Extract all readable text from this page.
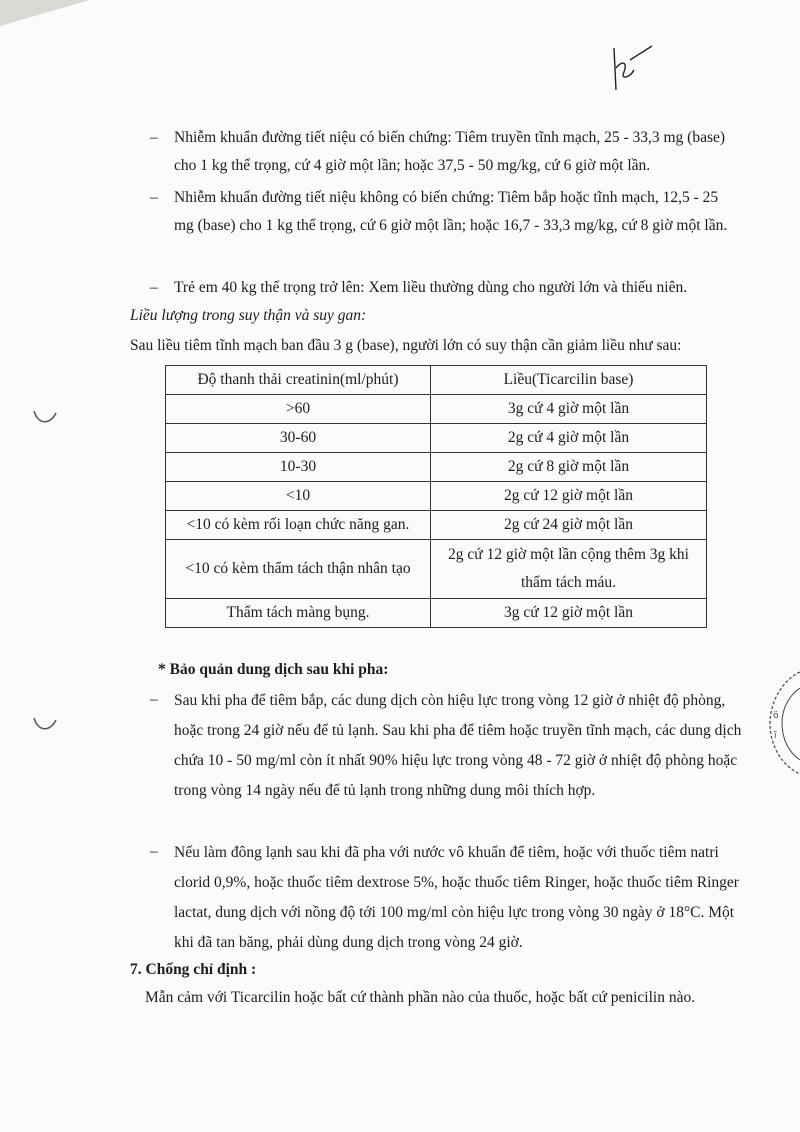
ö
ĩ
– Nhiễm khuẩn đường tiết niệu có biến chứng: Tiêm truyền tĩnh mạch, 25 - 33,3 mg (base) cho 1 kg thể trọng, cứ 4 giờ một lần; hoặc 37,5 - 50 mg/kg, cứ 6 giờ một lần.
– Nhiễm khuẩn đường tiết niệu không có biến chứng: Tiêm bắp hoặc tĩnh mạch, 12,5 - 25 mg (base) cho 1 kg thể trọng, cứ 6 giờ một lần; hoặc 16,7 - 33,3 mg/kg, cứ 8 giờ một lần.
– Trẻ em 40 kg thể trọng trở lên: Xem liều thường dùng cho người lớn và thiếu niên.
Liều lượng trong suy thận và suy gan:
Sau liều tiêm tĩnh mạch ban đầu 3 g (base), người lớn có suy thận cần giảm liều như sau:
Độ thanh thải creatinin(ml/phút)	Liều(Ticarcilin base)
>60	3g cứ 4 giờ một lần
30-60	2g cứ 4 giờ một lần
10-30	2g cứ 8 giờ một lần
<10	2g cứ 12 giờ một lần
<10 có kèm rối loạn chức năng gan.	2g cứ 24 giờ một lần
<10 có kèm thẩm tách thận nhân tạo	2g cứ 12 giờ một lần cộng thêm 3g khi thẩm tách máu.
Thẩm tách màng bụng.	3g cứ 12 giờ một lần
* Bảo quản dung dịch sau khi pha:
– Sau khi pha để tiêm bắp, các dung dịch còn hiệu lực trong vòng 12 giờ ở nhiệt độ phòng, hoặc trong 24 giờ nếu để tủ lạnh. Sau khi pha để tiêm hoặc truyền tĩnh mạch, các dung dịch chứa 10 - 50 mg/ml còn ít nhất 90% hiệu lực trong vòng 48 - 72 giờ ở nhiệt độ phòng hoặc trong vòng 14 ngày nếu để tủ lạnh trong những dung môi thích hợp.
– Nếu làm đông lạnh sau khi đã pha với nước vô khuẩn để tiêm, hoặc với thuốc tiêm natri clorid 0,9%, hoặc thuốc tiêm dextrose 5%, hoặc thuốc tiêm Ringer, hoặc thuốc tiêm Ringer lactat, dung dịch với nồng độ tới 100 mg/ml còn hiệu lực trong vòng 30 ngày ở 18°C. Một khi đã tan băng, phải dùng dung dịch trong vòng 24 giờ.
7. Chống chỉ định :
Mẫn cảm với Ticarcilin hoặc bất cứ thành phần nào của thuốc, hoặc bất cứ penicilin nào.
